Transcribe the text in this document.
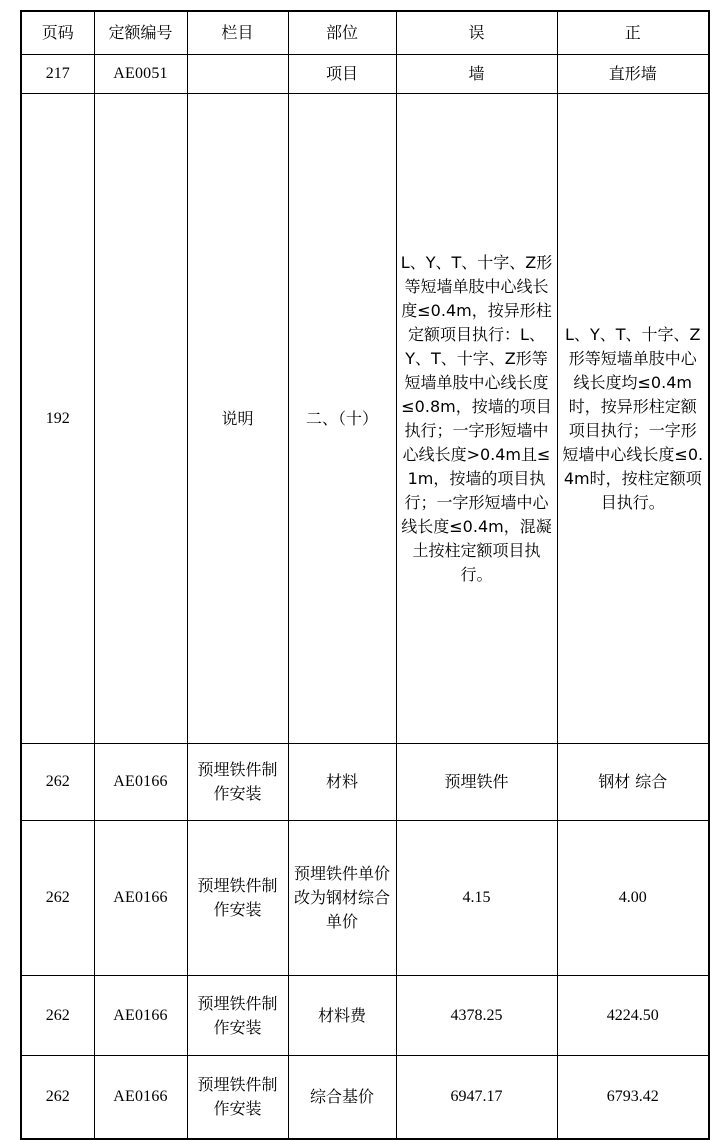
页码	定额编号	栏目	部位	误	正
217	AE0051		项目	墙	直形墙
192		说明	二、（十）	L、Y、T、十字、Z形等短墙单肢中心线长度≤0.4m，按异形柱定额项目执行：L、Y、T、十字、Z形等短墙单肢中心线长度≤0.8m，按墙的项目执行；一字形短墙中心线长度>0.4m且≤1m，按墙的项目执行；一字形短墙中心线长度≤0.4m，混凝土按柱定额项目执行。	L、Y、T、十字、Z形等短墙单肢中心线长度均≤0.4m时，按异形柱定额项目执行；一字形短墙中心线长度≤0.4m时，按柱定额项目执行。
262	AE0166	预埋铁件制作安装	材料	预埋铁件	钢材 综合
262	AE0166	预埋铁件制作安装	预埋铁件单价改为钢材综合单价	4.15	4.00
262	AE0166	预埋铁件制作安装	材料费	4378.25	4224.50
262	AE0166	预埋铁件制作安装	综合基价	6947.17	6793.42
